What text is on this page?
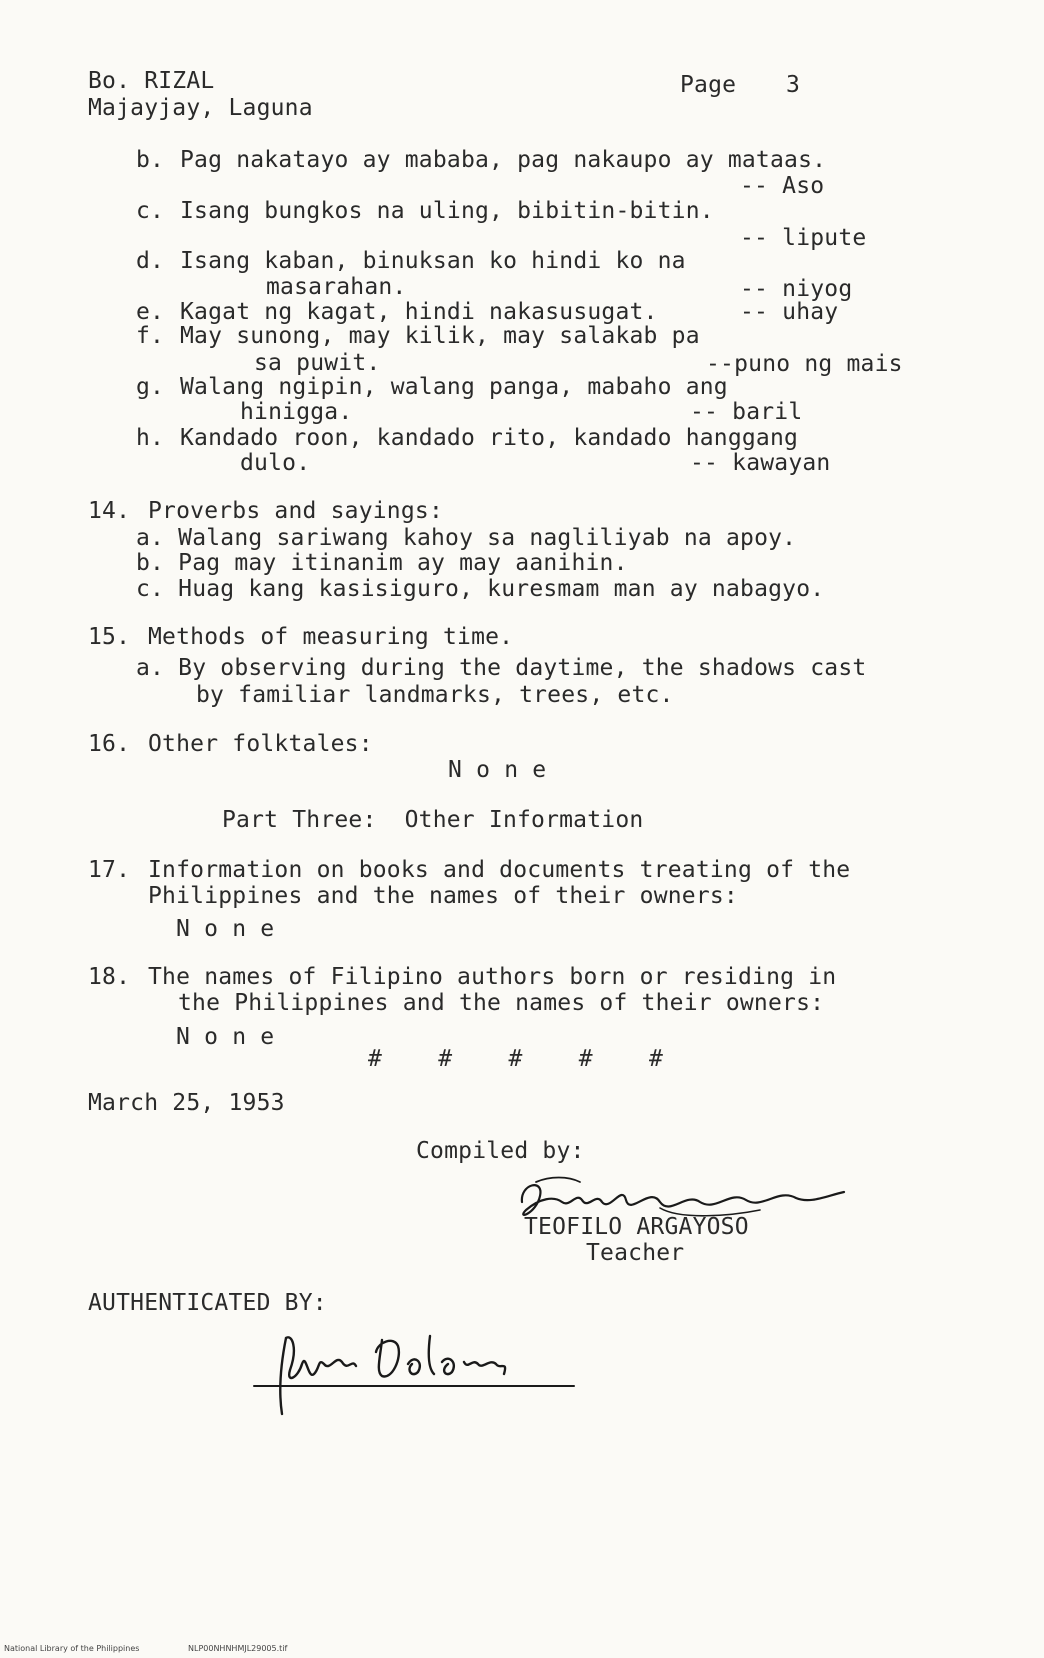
Bo. RIZAL
Majayjay, Laguna
Page 3
b. Pag nakatayo ay mababa, pag nakaupo ay mataas.
-- Aso
c. Isang bungkos na uling, bibitin-bitin.
-- lipute
d. Isang kaban, binuksan ko hindi ko na
masarahan.	-- niyog
e. Kagat ng kagat, hindi nakasusugat.	-- uhay
f. May sunong, may kilik, may salakab pa
sa puwit.	--puno ng mais
g. Walang ngipin, walang panga, mabaho ang
hinigga.	-- baril
h. Kandado roon, kandado rito, kandado hanggang
dulo.	-- kawayan
14. Proverbs and sayings:
a. Walang sariwang kahoy sa nagliliyab na apoy.
b. Pag may itinanim ay may aanihin.
c. Huag kang kasisiguro, kuresmam man ay nabagyo.
15. Methods of measuring time.
a. By observing during the daytime, the shadows cast
by familiar landmarks, trees, etc.
16. Other folktales:
N o n e
Part Three:  Other Information
17. Information on books and documents treating of the
Philippines and the names of their owners:
N o n e
18. The names of Filipino authors born or residing in
the Philippines and the names of their owners:
N o n e
#    #    #    #    #
March 25, 1953
Compiled by:
TEOFILO ARGAYOSO
Teacher
AUTHENTICATED BY:
National Library of the Philippines	NLP00NHNHMJL29005.tif
